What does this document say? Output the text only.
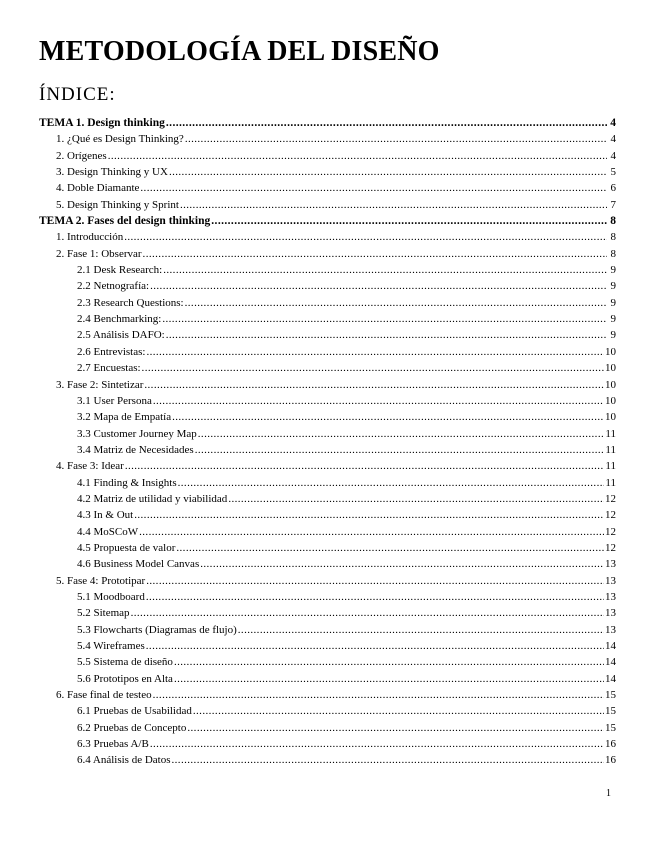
METODOLOGÍA DEL DISEÑO
ÍNDICE:
TEMA 1. Design thinking .....	4
1. ¿Qué es Design Thinking? .....	4
2. Orígenes .....	4
3. Design Thinking y UX .....	5
4. Doble Diamante .....	6
5. Design Thinking y Sprint .....	7
TEMA 2. Fases del design thinking .....	8
1. Introducción .....	8
2. Fase 1: Observar .....	8
2.1 Desk Research: .....	9
2.2 Netnografía: .....	9
2.3 Research Questions: .....	9
2.4 Benchmarking: .....	9
2.5 Análisis DAFO: .....	9
2.6 Entrevistas: .....	10
2.7 Encuestas: .....	10
3. Fase 2: Sintetizar .....	10
3.1 User Persona .....	10
3.2 Mapa de Empatía .....	10
3.3 Customer Journey Map .....	11
3.4 Matriz de Necesidades .....	11
4. Fase 3: Idear .....	11
4.1 Finding & Insights .....	11
4.2 Matriz de utilidad y viabilidad .....	12
4.3 In & Out .....	12
4.4 MoSCoW .....	12
4.5 Propuesta de valor .....	12
4.6 Business Model Canvas .....	13
5. Fase 4: Prototipar .....	13
5.1 Moodboard .....	13
5.2 Sitemap .....	13
5.3 Flowcharts (Diagramas de flujo) .....	13
5.4 Wireframes .....	14
5.5 Sistema de diseño .....	14
5.6 Prototipos en Alta .....	14
6. Fase final de testeo .....	15
6.1 Pruebas de Usabilidad .....	15
6.2 Pruebas de Concepto .....	15
6.3 Pruebas A/B .....	16
6.4 Análisis de Datos .....	16
1
